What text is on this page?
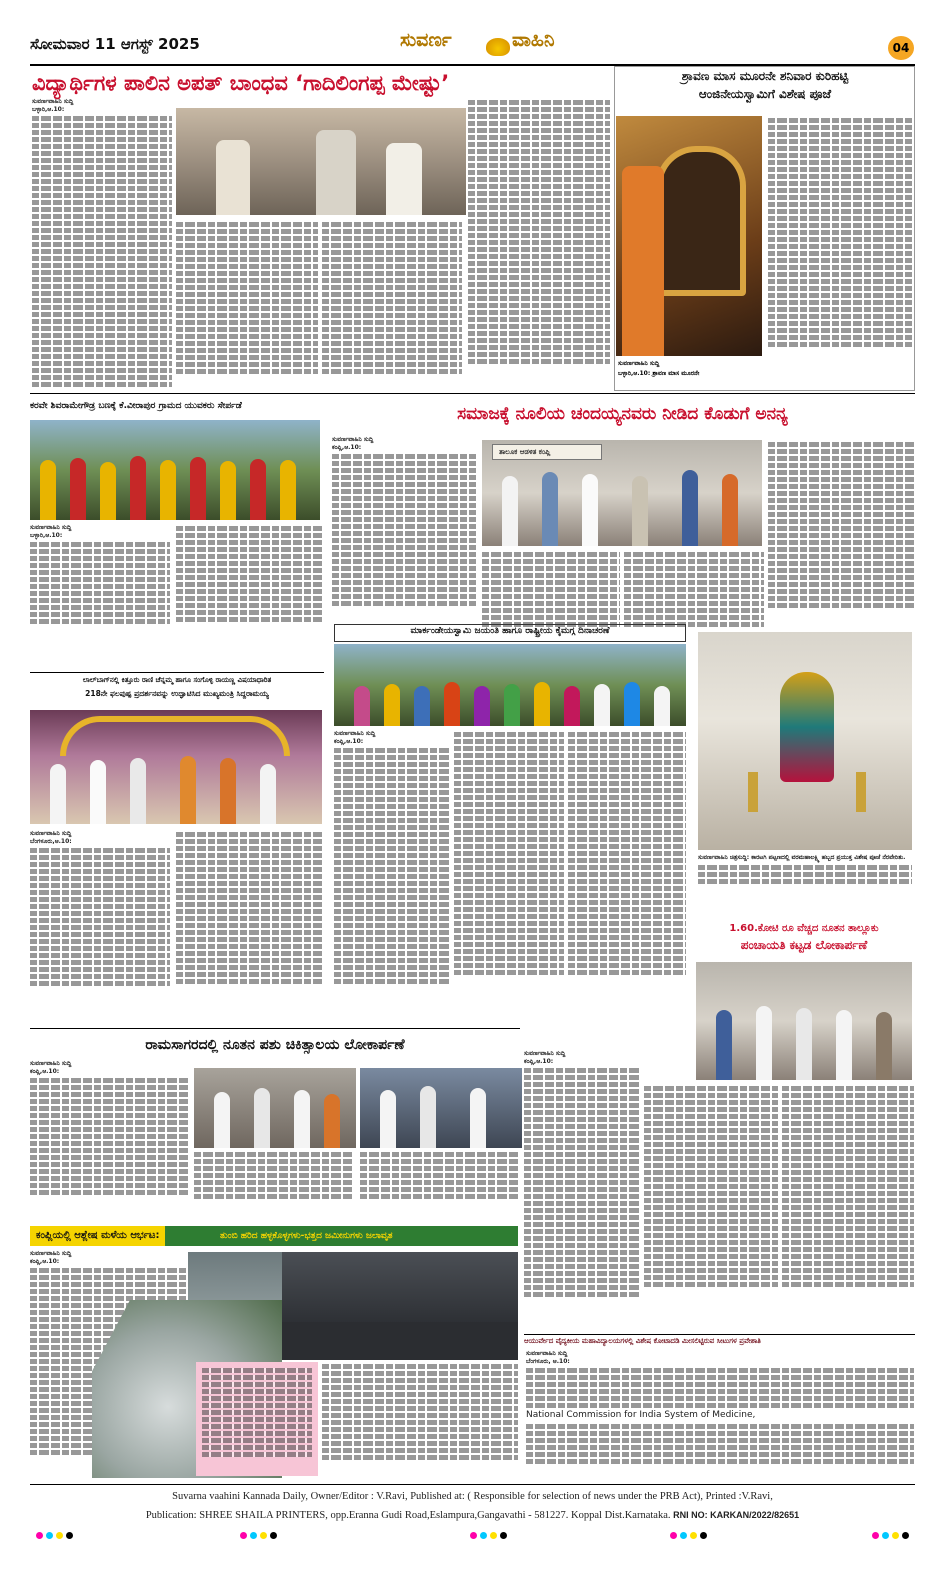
ಸೋಮವಾರ 11 ಆಗಸ್ಟ್ 2025	ಸುವರ್ಣ	ವಾಹಿನಿ	04
ವಿದ್ಯಾರ್ಥಿಗಳ ಪಾಲಿನ ಅಪತ್ ಬಾಂಧವ ‘ಗಾದಿಲಿಂಗಪ್ಪ ಮೇಷ್ಟು’

ಸುವರ್ಣವಾಹಿನಿ ಸುದ್ದಿ
ಬಳ್ಳಾರಿ,ಆ.10:

ಶ್ರಾವಣ ಮಾಸ ಮೂರನೇ ಶನಿವಾರ ಕುರಿಹಟ್ಟಿ
ಆಂಜಿನೇಯಸ್ವಾಮಿಗೆ ವಿಶೇಷ ಪೂಜೆ
ಸುವರ್ಣವಾಹಿನಿ ಸುದ್ದಿ
ಬಳ್ಳಾರಿ,ಆ.10: ಶ್ರಾವಣ ಮಾಸ ಮೂರನೇ
ಕರವೇ ಶಿವರಾಮೇಗೌಡ್ರ ಬಣಕ್ಕೆ ಕೆ.ವೀರಾಪುರ ಗ್ರಾಮದ ಯುವಕರು ಸೇರ್ಪಡೆ

ಸುವರ್ಣವಾಹಿನಿ ಸುದ್ದಿ
ಬಳ್ಳಾರಿ,ಆ.10:

ಸಮಾಜಕ್ಕೆ ನೂಲಿಯ ಚಂದಯ್ಯನವರು ನೀಡಿದ ಕೊಡುಗೆ ಅನನ್ಯ

ಸುವರ್ಣವಾಹಿನಿ ಸುದ್ದಿ
ಕಂಪ್ಲಿ,ಆ.10:

ತಾಲೂಕ ಆಡಳಿತ ಕಂಪ್ಲಿ
ಲಾಲ್‌ಬಾಗ್‌ನಲ್ಲಿ ಕಿತ್ತೂರು ರಾಣಿ ಚೆನ್ನಮ್ಮ ಹಾಗೂ ಸಂಗೊಳ್ಳಿ ರಾಯಣ್ಣ ವಿಷಯಾಧಾರಿತ
218ನೇ ಫಲಪುಷ್ಪ ಪ್ರದರ್ಶನವನ್ನು ಉದ್ಘಾಟಿಸಿದ ಮುಖ್ಯಮಂತ್ರಿ ಸಿದ್ದರಾಮಯ್ಯ

ಸುವರ್ಣವಾಹಿನಿ ಸುದ್ದಿ
ಬೆಂಗಳೂರು,ಆ.10:

ಮಾರ್ಕಂಡೇಯಸ್ವಾಮಿ ಜಯಂತಿ ಹಾಗೂ ರಾಷ್ಟ್ರೀಯ ಕೈಮಗ್ಗ ದಿನಾಚರಣೆ

ಸುವರ್ಣವಾಹಿನಿ ಸುದ್ದಿ
ಕಂಪ್ಲಿ,ಆ.10:

ಸುವರ್ಣವಾಹಿನಿ ಚಿತ್ರಸುದ್ದಿ: ಕಾರಟಗಿ ಪಟ್ಟಣದಲ್ಲಿ ವರಮಹಾಲಕ್ಷ್ಮಿ ಹಬ್ಬದ ಪ್ರಯುಕ್ತ ವಿಶೇಷ ಪೂಜೆ ನೆರವೇರಿತು.

1.60.ಕೋಟಿ ರೂ ವೆಚ್ಚದ ನೂತನ ತಾಲ್ಲೂಕು
ಪಂಚಾಯತಿ ಕಟ್ಟಡ ಲೋಕಾರ್ಪಣೆ

ಸುವರ್ಣವಾಹಿನಿ ಸುದ್ದಿ
ಕಂಪ್ಲಿ,ಆ.10:

ರಾಮಸಾಗರದಲ್ಲಿ ನೂತನ ಪಶು ಚಿಕಿತ್ಸಾಲಯ ಲೋಕಾರ್ಪಣೆ

ಸುವರ್ಣವಾಹಿನಿ ಸುದ್ದಿ
ಕಂಪ್ಲಿ,ಆ.10:

ಕಂಪ್ಲಿಯಲ್ಲಿ ಆಶ್ಲೇಷ ಮಳೆಯ ಆರ್ಭಟ:	ತುಂಬಿ ಹರಿದ ಹಳ್ಳಕೊಳ್ಳಗಳು-ಭತ್ತದ ಜಮೀನುಗಳು ಜಲಾವೃತ

ಸುವರ್ಣವಾಹಿನಿ ಸುದ್ದಿ
ಕಂಪ್ಲಿ,ಆ.10:

ಆಯುರ್ವೇದ ವೈದ್ಯಕೀಯ ಮಹಾವಿದ್ಯಾಲಯಗಳಲ್ಲಿ ವಿಶೇಷ ಕೋಟಾದಡಿ ಮೀಸಲಿಟ್ಟಿರುವ ಸೀಟುಗಳ ಪ್ರವೇಶಾತಿ

ಸುವರ್ಣವಾಹಿನಿ ಸುದ್ದಿ
ಬೆಂಗಳೂರು, ಆ.10:

National Commission for India System of Medicine,

Suvarna vaahini Kannada Daily, Owner/Editor : V.Ravi, Published at: ( Responsible for selection of news under the PRB Act), Printed :V.Ravi,
Publication: SHREE SHAILA PRINTERS, opp.Eranna Gudi Road,Eslampura,Gangavathi - 581227. Koppal Dist.Karnataka. RNI NO: KARKAN/2022/82651
